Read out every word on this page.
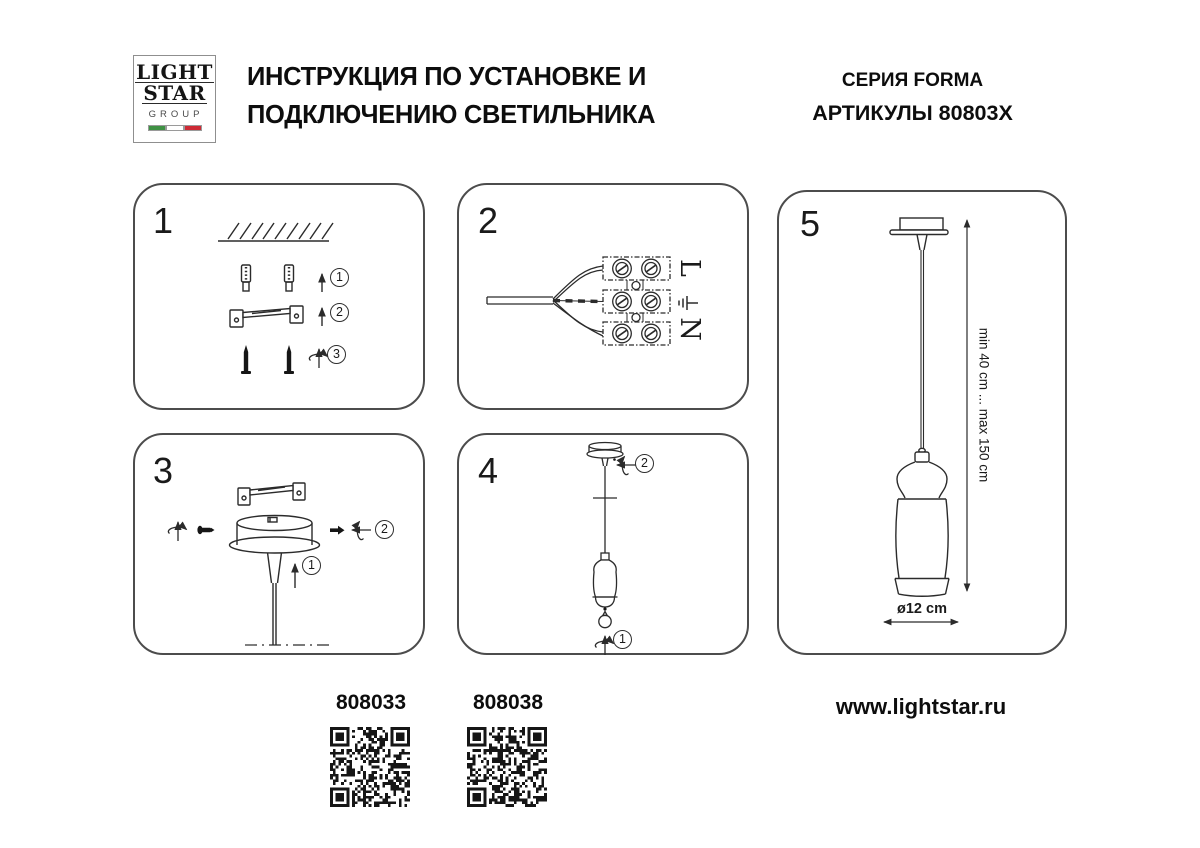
LIGHT
STAR
GROUP
ИНСТРУКЦИЯ ПО УСТАНОВКЕ И
ПОДКЛЮЧЕНИЮ СВЕТИЛЬНИКА
СЕРИЯ FORMA
АРТИКУЛЫ 80803X
1	2
3	4
5
1
2
3
1
2
1
2
L
N	min 40 cm ... max 150 cm
ø12 cm
808033	808038	www.lightstar.ru
